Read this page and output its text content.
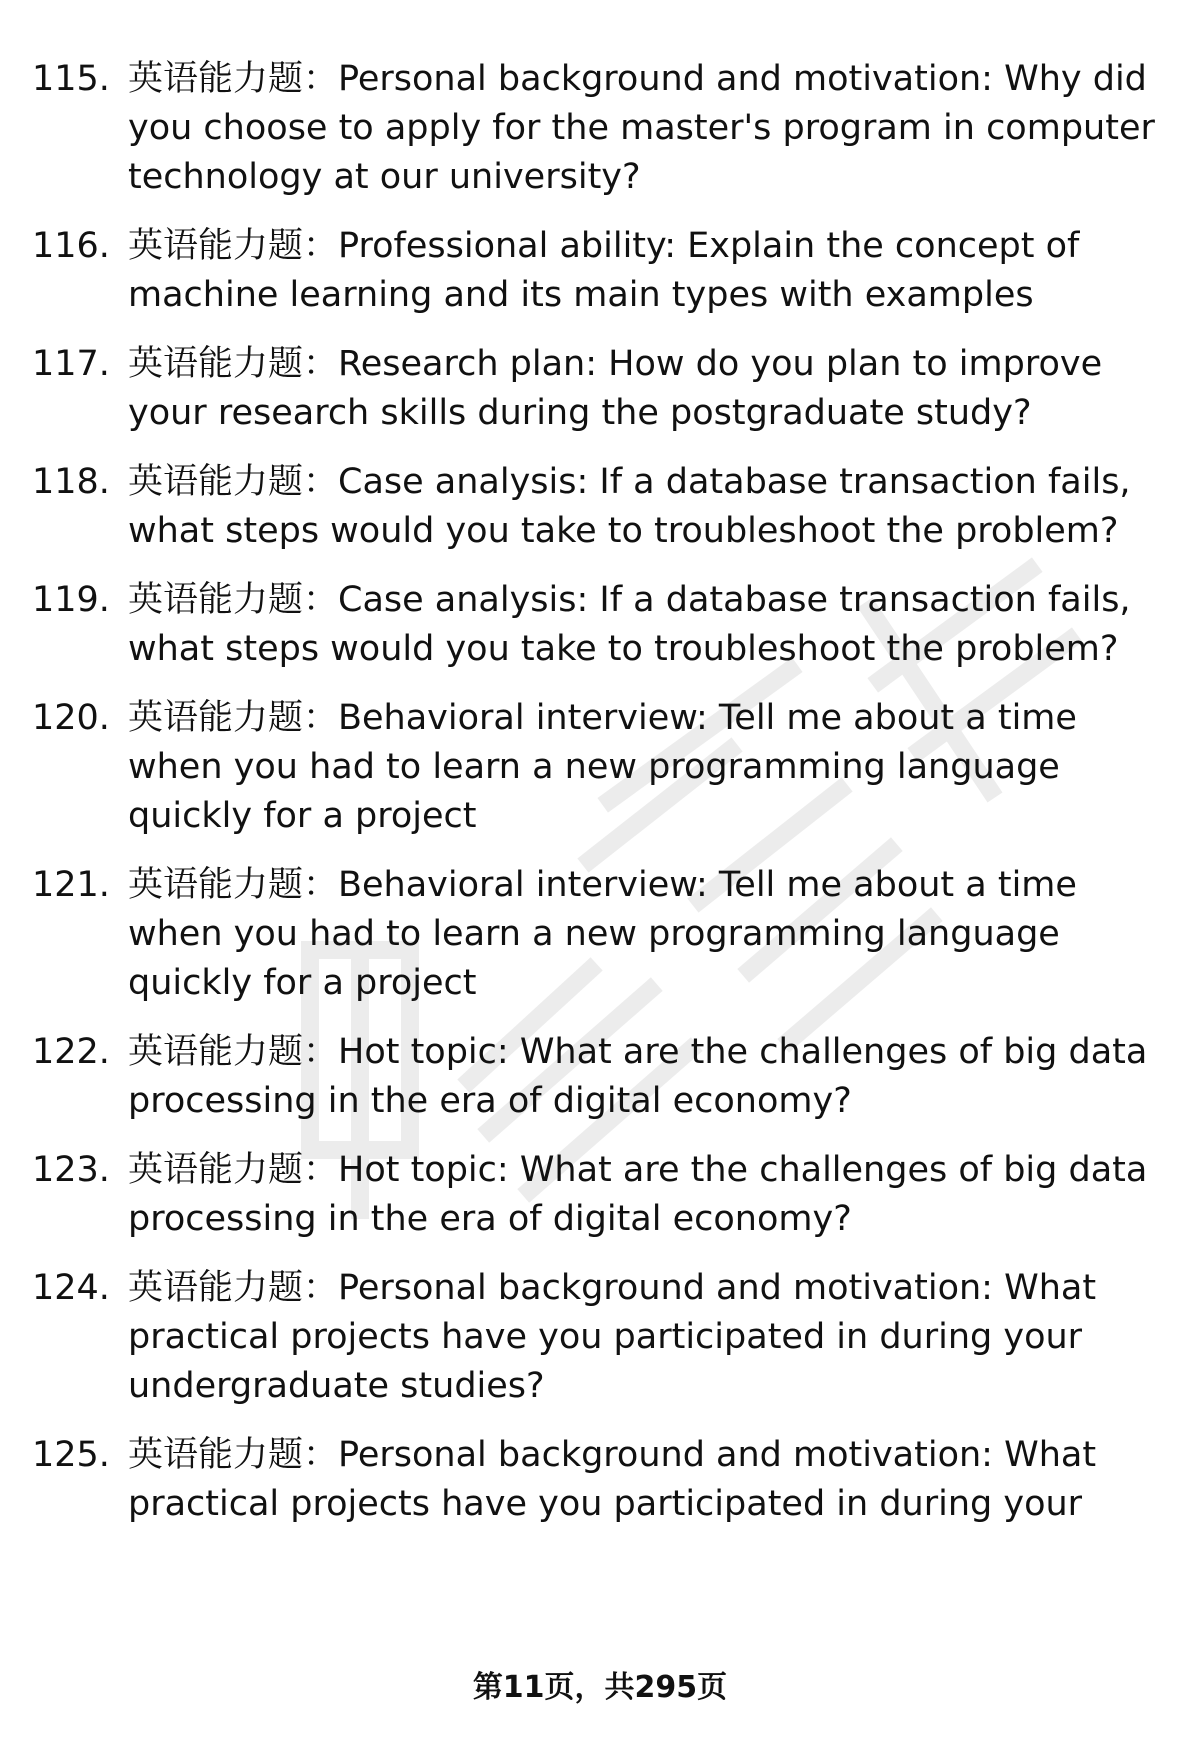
115. 英语能力题：Personal background and motivation: Why did you choose to apply for the master's program in computer technology at our university?
116. 英语能力题：Professional ability: Explain the concept of machine learning and its main types with examples
117. 英语能力题：Research plan: How do you plan to improve your research skills during the postgraduate study?
118. 英语能力题：Case analysis: If a database transaction fails, what steps would you take to troubleshoot the problem?
119. 英语能力题：Case analysis: If a database transaction fails, what steps would you take to troubleshoot the problem?
120. 英语能力题：Behavioral interview: Tell me about a time when you had to learn a new programming language quickly for a project
121. 英语能力题：Behavioral interview: Tell me about a time when you had to learn a new programming language quickly for a project
122. 英语能力题：Hot topic: What are the challenges of big data processing in the era of digital economy?
123. 英语能力题：Hot topic: What are the challenges of big data processing in the era of digital economy?
124. 英语能力题：Personal background and motivation: What practical projects have you participated in during your undergraduate studies?
125. 英语能力题：Personal background and motivation: What practical projects have you participated in during your
第11页，共295页
